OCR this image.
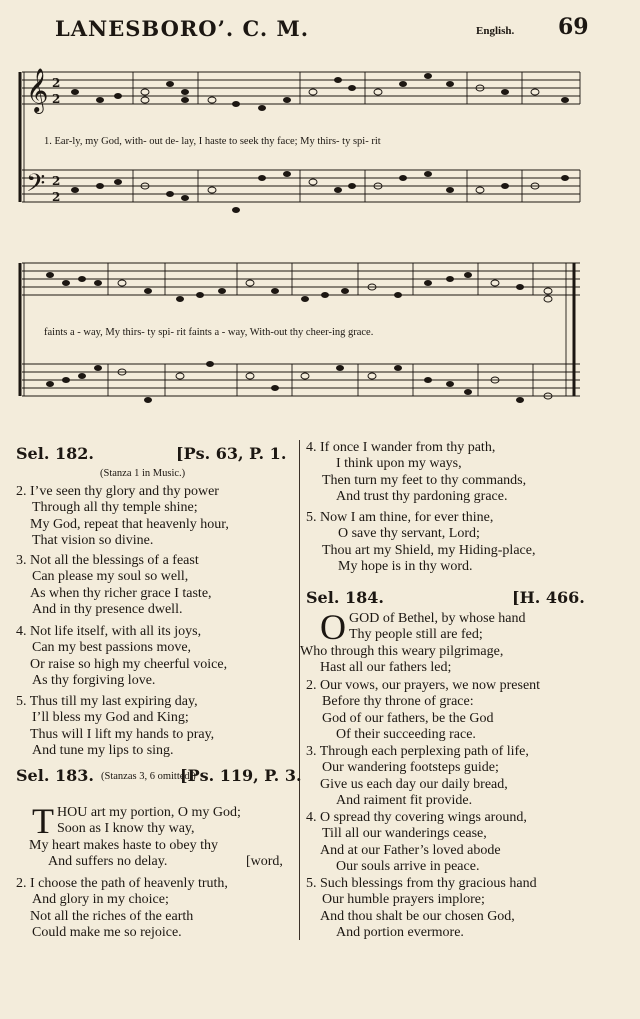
LANESBORO’. C. M.	English. 69
𝄞
𝄢
2
2
2
2
1. Ear-ly, my God, with- out de- lay, I haste to seek thy face; My thirs- ty spi- rit
faints a - way, My thirs- ty spi- rit faints a - way, With-out thy cheer-ing grace.
Sel. 182.	[Ps. 63, P. 1.
(Stanza 1 in Music.)
2. I’ve seen thy glory and thy power
Through all thy temple shine;
My God, repeat that heavenly hour,
That vision so divine.
3. Not all the blessings of a feast
Can please my soul so well,
As when thy richer grace I taste,
And in thy presence dwell.
4. Not life itself, with all its joys,
Can my best passions move,
Or raise so high my cheerful voice,
As thy forgiving love.
5. Thus till my last expiring day,
I’ll bless my God and King;
Thus will I lift my hands to pray,
And tune my lips to sing.
Sel. 183. (Stanzas 3, 6 omitted.)
[Ps. 119, P. 3.
T HOU art my portion, O my God;
Soon as I know thy way,
My heart makes haste to obey thy
And suffers no delay.	[word,
2. I choose the path of heavenly truth,
And glory in my choice;
Not all the riches of the earth
Could make me so rejoice.
4. If once I wander from thy path,
I think upon my ways,
Then turn my feet to thy commands,
And trust thy pardoning grace.
5. Now I am thine, for ever thine,
O save thy servant, Lord;
Thou art my Shield, my Hiding-place,
My hope is in thy word.
Sel. 184.	[H. 466.
O GOD of Bethel, by whose hand
Thy people still are fed;
Who through this weary pilgrimage,
Hast all our fathers led;
2. Our vows, our prayers, we now present
Before thy throne of grace:
God of our fathers, be the God
Of their succeeding race.
3. Through each perplexing path of life,
Our wandering footsteps guide;
Give us each day our daily bread,
And raiment fit provide.
4. O spread thy covering wings around,
Till all our wanderings cease,
And at our Father’s loved abode
Our souls arrive in peace.
5. Such blessings from thy gracious hand
Our humble prayers implore;
And thou shalt be our chosen God,
And portion evermore.
